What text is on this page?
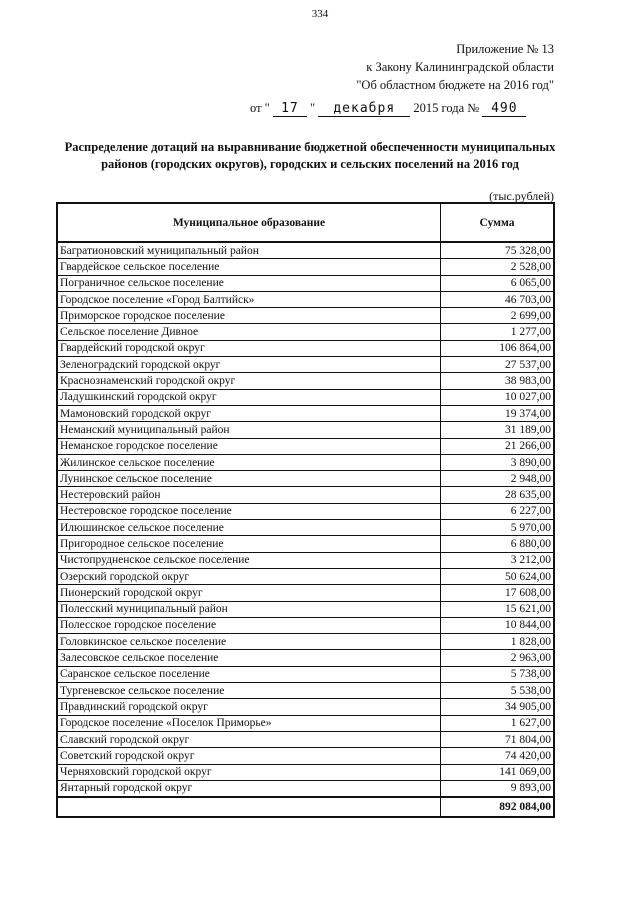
334
Приложение № 13
к Закону Калининградской области
"Об областном бюджете на 2016 год"
от " 17 " декабря 2015 года № 490
Распределение дотаций на выравнивание бюджетной обеспеченности муниципальных районов (городских округов), городских и сельских поселений на 2016 год
(тыс.рублей)
Муниципальное образование	Сумма
Багратионовский муниципальный район	75 328,00
Гвардейское сельское поселение	2 528,00
Пограничное сельское поселение	6 065,00
Городское поселение «Город Балтийск»	46 703,00
Приморское городское поселение	2 699,00
Сельское поселение Дивное	1 277,00
Гвардейский городской округ	106 864,00
Зеленоградский городской округ	27 537,00
Краснознаменский городской округ	38 983,00
Ладушкинский городской округ	10 027,00
Мамоновский городской округ	19 374,00
Неманский муниципальный район	31 189,00
Неманское городское поселение	21 266,00
Жилинское сельское поселение	3 890,00
Лунинское сельское поселение	2 948,00
Нестеровский район	28 635,00
Нестеровское городское поселение	6 227,00
Илюшинское сельское поселение	5 970,00
Пригородное сельское поселение	6 880,00
Чистопрудненское сельское поселение	3 212,00
Озерский городской округ	50 624,00
Пионерский городской округ	17 608,00
Полесский муниципальный район	15 621,00
Полесское городское поселение	10 844,00
Головкинское сельское поселение	1 828,00
Залесовское сельское поселение	2 963,00
Саранское сельское поселение	5 738,00
Тургеневское сельское поселение	5 538,00
Правдинский городской округ	34 905,00
Городское поселение «Поселок Приморье»	1 627,00
Славский городской округ	71 804,00
Советский городской округ	74 420,00
Черняховский городской округ	141 069,00
Янтарный городской округ	9 893,00
	892 084,00
